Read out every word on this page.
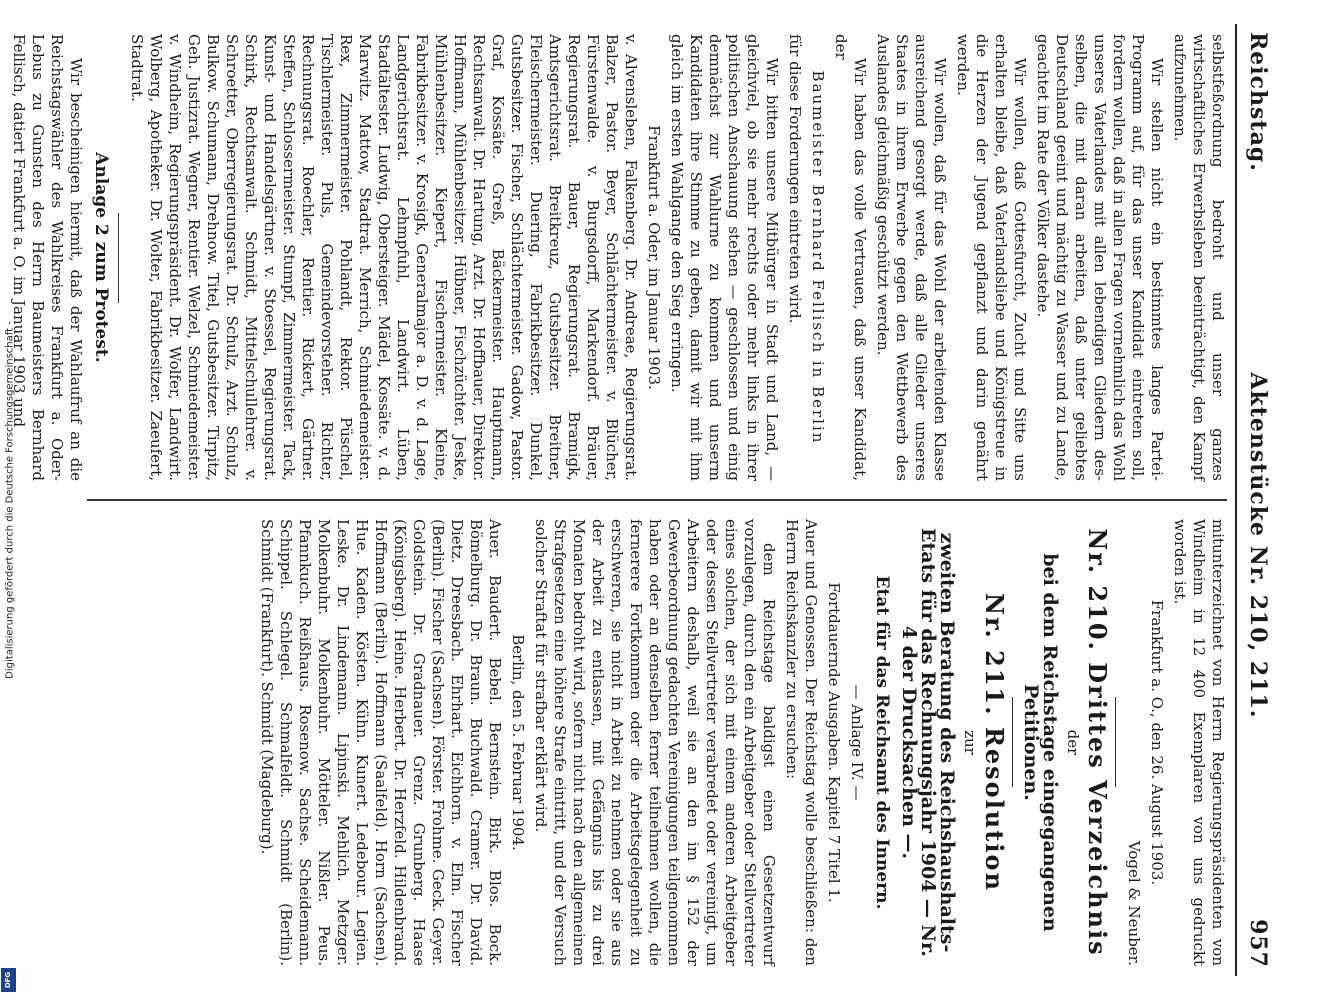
Digitalisierung gefördert durch die Deutsche Forschungsgemeinschaft -
DFG
Reichstag.
Aktenstücke Nr. 210, 211.
957

selbstfeßordnung bedroht und unser ganzes wirtschaftliches Erwerbsleben beeinträchtigt, den Kampf aufzunehmen.

Wir stellen nicht ein bestimmtes langes Partei-Programm auf, für das unser Kandidat eintreten soll, fordern wollen, daß in allen Fragen vornehmlich das Wohl unseres Vaterlandes mit allen lebendigen Gliedern des-selben, die mit daran arbeiten, daß unter geliebtes Deutschland geeint und mächtig zu Wasser und zu Lande, geachtet im Rate der Völker dastehe.

Wir wollen, daß Gottesfurcht, Zucht und Sitte uns erhalten bleibe, daß Vaterlandsliebe und Königstreue in die Herzen der Jugend gepflanzt und darin genährt werden.

Wir wollen, daß für das Wohl der arbeitenden Klasse ausreichend gesorgt werde, daß alle Glieder unseres Staates in ihrem Erwerbe gegen den Wettbewerb des Auslandes gleichmäßig geschützt werden.

Wir haben das volle Vertrauen, daß unser Kandidat, der

Baumeister Bernhard Fellisch in Berlin

für diese Forderungen eintreten wird.

Wir bitten unsere Mitbürger in Stadt und Land, — gleichviel, ob sie mehr rechts oder mehr links in ihrer politischen Anschauung stehen — geschlossen und einig demnächst zur Wahlurne zu kommen und unserm Kandidaten ihre Stimme zu geben, damit wir mit ihm gleich im ersten Wahlgange den Sieg erringen.

Frankfurt a. Oder, im Januar 1903.

v. Alvensleben, Falkenberg. Dr. Andreae, Regierungsrat. Balzer, Pastor. Beyer, Schlächtermeister. v. Blücher, Fürstenwalde. v. Burgsdorff, Markendorf. Bräuer, Regierungsrat. Bauer, Regierungsrat. Bramigk, Amtsgerichtsrat. Breitkreuz, Gutsbesitzer. Breitner, Fleischermeister. Duering, Fabrikbesitzer. Dunkel, Gutsbesitzer. Fischer, Schlächtermeister. Gadow, Pastor. Graf, Kossäte. Greß, Bäckermeister. Hauptmann, Rechtsanwalt. Dr. Hartung, Arzt. Dr. Hoffbauer, Direktor. Hoffmann, Mühlenbesitzer. Hübner, Fischzüchter. Jeske, Mühlenbesitzer. Kiepert, Fischermeister. Kleine, Fabrikbesitzer. v. Krosigk, Generalmajor a. D. v. d. Lage, Landgerichtsrat. Lehmpfuhl, Landwirt. Lüben, Stadtältester. Ludwig, Obersteiger. Mädel, Kossäte. v. d. Marwitz. Mattow, Stadtrat. Merrich, Schmiedemeister. Rex, Zimmermeister. Pohlandt, Rektor. Püschel, Tischlermeister. Puls, Gemeindevorsteher. Richter, Rechnungsrat. Roechler, Rentier. Rickert, Gärtner. Steffen, Schlossermeister. Stumpf, Zimmermeister. Tack, Kunst- und Handelsgärtner. v. Stoessel, Regierungsrat. Schirk, Rechtsanwalt. Schmidt, Mittelschullehrer. v. Schroetter, Oberregierungsrat. Dr. Schulz, Arzt. Schulz, Bulkow. Schumann, Drehnow. Titel, Gutsbesitzer. Tirpitz, Geh. Justizrat. Wegner, Rentier. Welzel, Schmiedemeister. v. Windheim, Regierungspräsident. Dr. Wolfer, Landwirt. Wolberg, Apotheker. Dr. Wolter, Fabrikbesitzer. Zaeufert, Stadtrat.

Anlage 2 zum Protest.

Wir bescheinigen hiermit, daß der Wahlaufruf an die Reichstagswähler des Wahlkreises Frankfurt a. Oder-Lebus zu Gunsten des Herrn Baumeisters Bernhard Fellisch, datiert Frankfurt a. O. im Januar 1903 und

mitunterzeichnet von Herrn Regierungspräsidenten von Windheim in 12 400 Exemplaren von uns gedruckt worden ist.

Frankfurt a. O., den 26. August 1903.

Vogel & Neuber.

Nr. 210. Drittes Verzeichnis

der

bei dem Reichstage eingegangenen Petitionen.

Nr. 211. Resolution

zur

zweiten Beratung des Reichshaushalts-Etats für das Rechnungsjahr 1904 — Nr. 4 der Drucksachen —.

Etat für das Reichsamt des Innern.

— Anlage IV. —

Fortdauernde Ausgaben. Kapitel 7 Titel 1.

Auer und Genossen. Der Reichstag wolle beschließen: den Herrn Reichskanzler zu ersuchen:

dem Reichstage baldigst einen Gesetzentwurf vorzulegen, durch den ein Arbeitgeber oder Stellvertreter eines solchen, der sich mit einem anderen Arbeitgeber oder dessen Stellvertreter verabredet oder vereinigt, um Arbeitern deshalb, weil sie an den im § 152 der Gewerbeordnung gedachten Vereinigungen teilgenommen haben oder an denselben ferner teilnehmen wollen, die fernerere Fortkommen oder die Arbeitsgelegenheit zu erschweren, sie nicht in Arbeit zu nehmen oder sie aus der Arbeit zu entlassen, mit Gefängnis bis zu drei Monaten bedroht wird, sofern nicht nach den allgemeinen Strafgesetzen eine höhere Strafe eintritt, und der Versuch solcher Straftat für strafbar erklärt wird.

Berlin, den 5. Februar 1904.

Auer. Baudert. Bebel. Bernstein. Birk. Blos. Bock. Bömelburg. Dr. Braun. Buchwald. Cramer. Dr. David. Dietz. Dreesbach. Ehrhart. Eichhorn. v. Elm. Fischer (Berlin). Fischer (Sachsen). Förster. Frohme. Geck. Geyer. Goldstein. Dr. Gradnauer. Grenz. Grunberg. Haase (Königsberg). Heine. Herbert. Dr. Herzfeld. Hildenbrand. Hoffmann (Berlin). Hoffmann (Saalfeld). Horn (Sachsen). Hue. Kaden. Kösten. Kühn. Kunert. Ledebour. Legien. Leske. Dr. Lindemann. Lipinski. Mehlich. Metzger. Molkenbuhr. Molkenbuhr. Mötteler. Nißler. Peus. Pfannkuch. Reißhaus. Rosenow. Sachse. Scheidemann. Schippel. Schlegel. Schmalfeldt. Schmidt (Berlin). Schmidt (Frankfurt). Schmidt (Magdeburg).
